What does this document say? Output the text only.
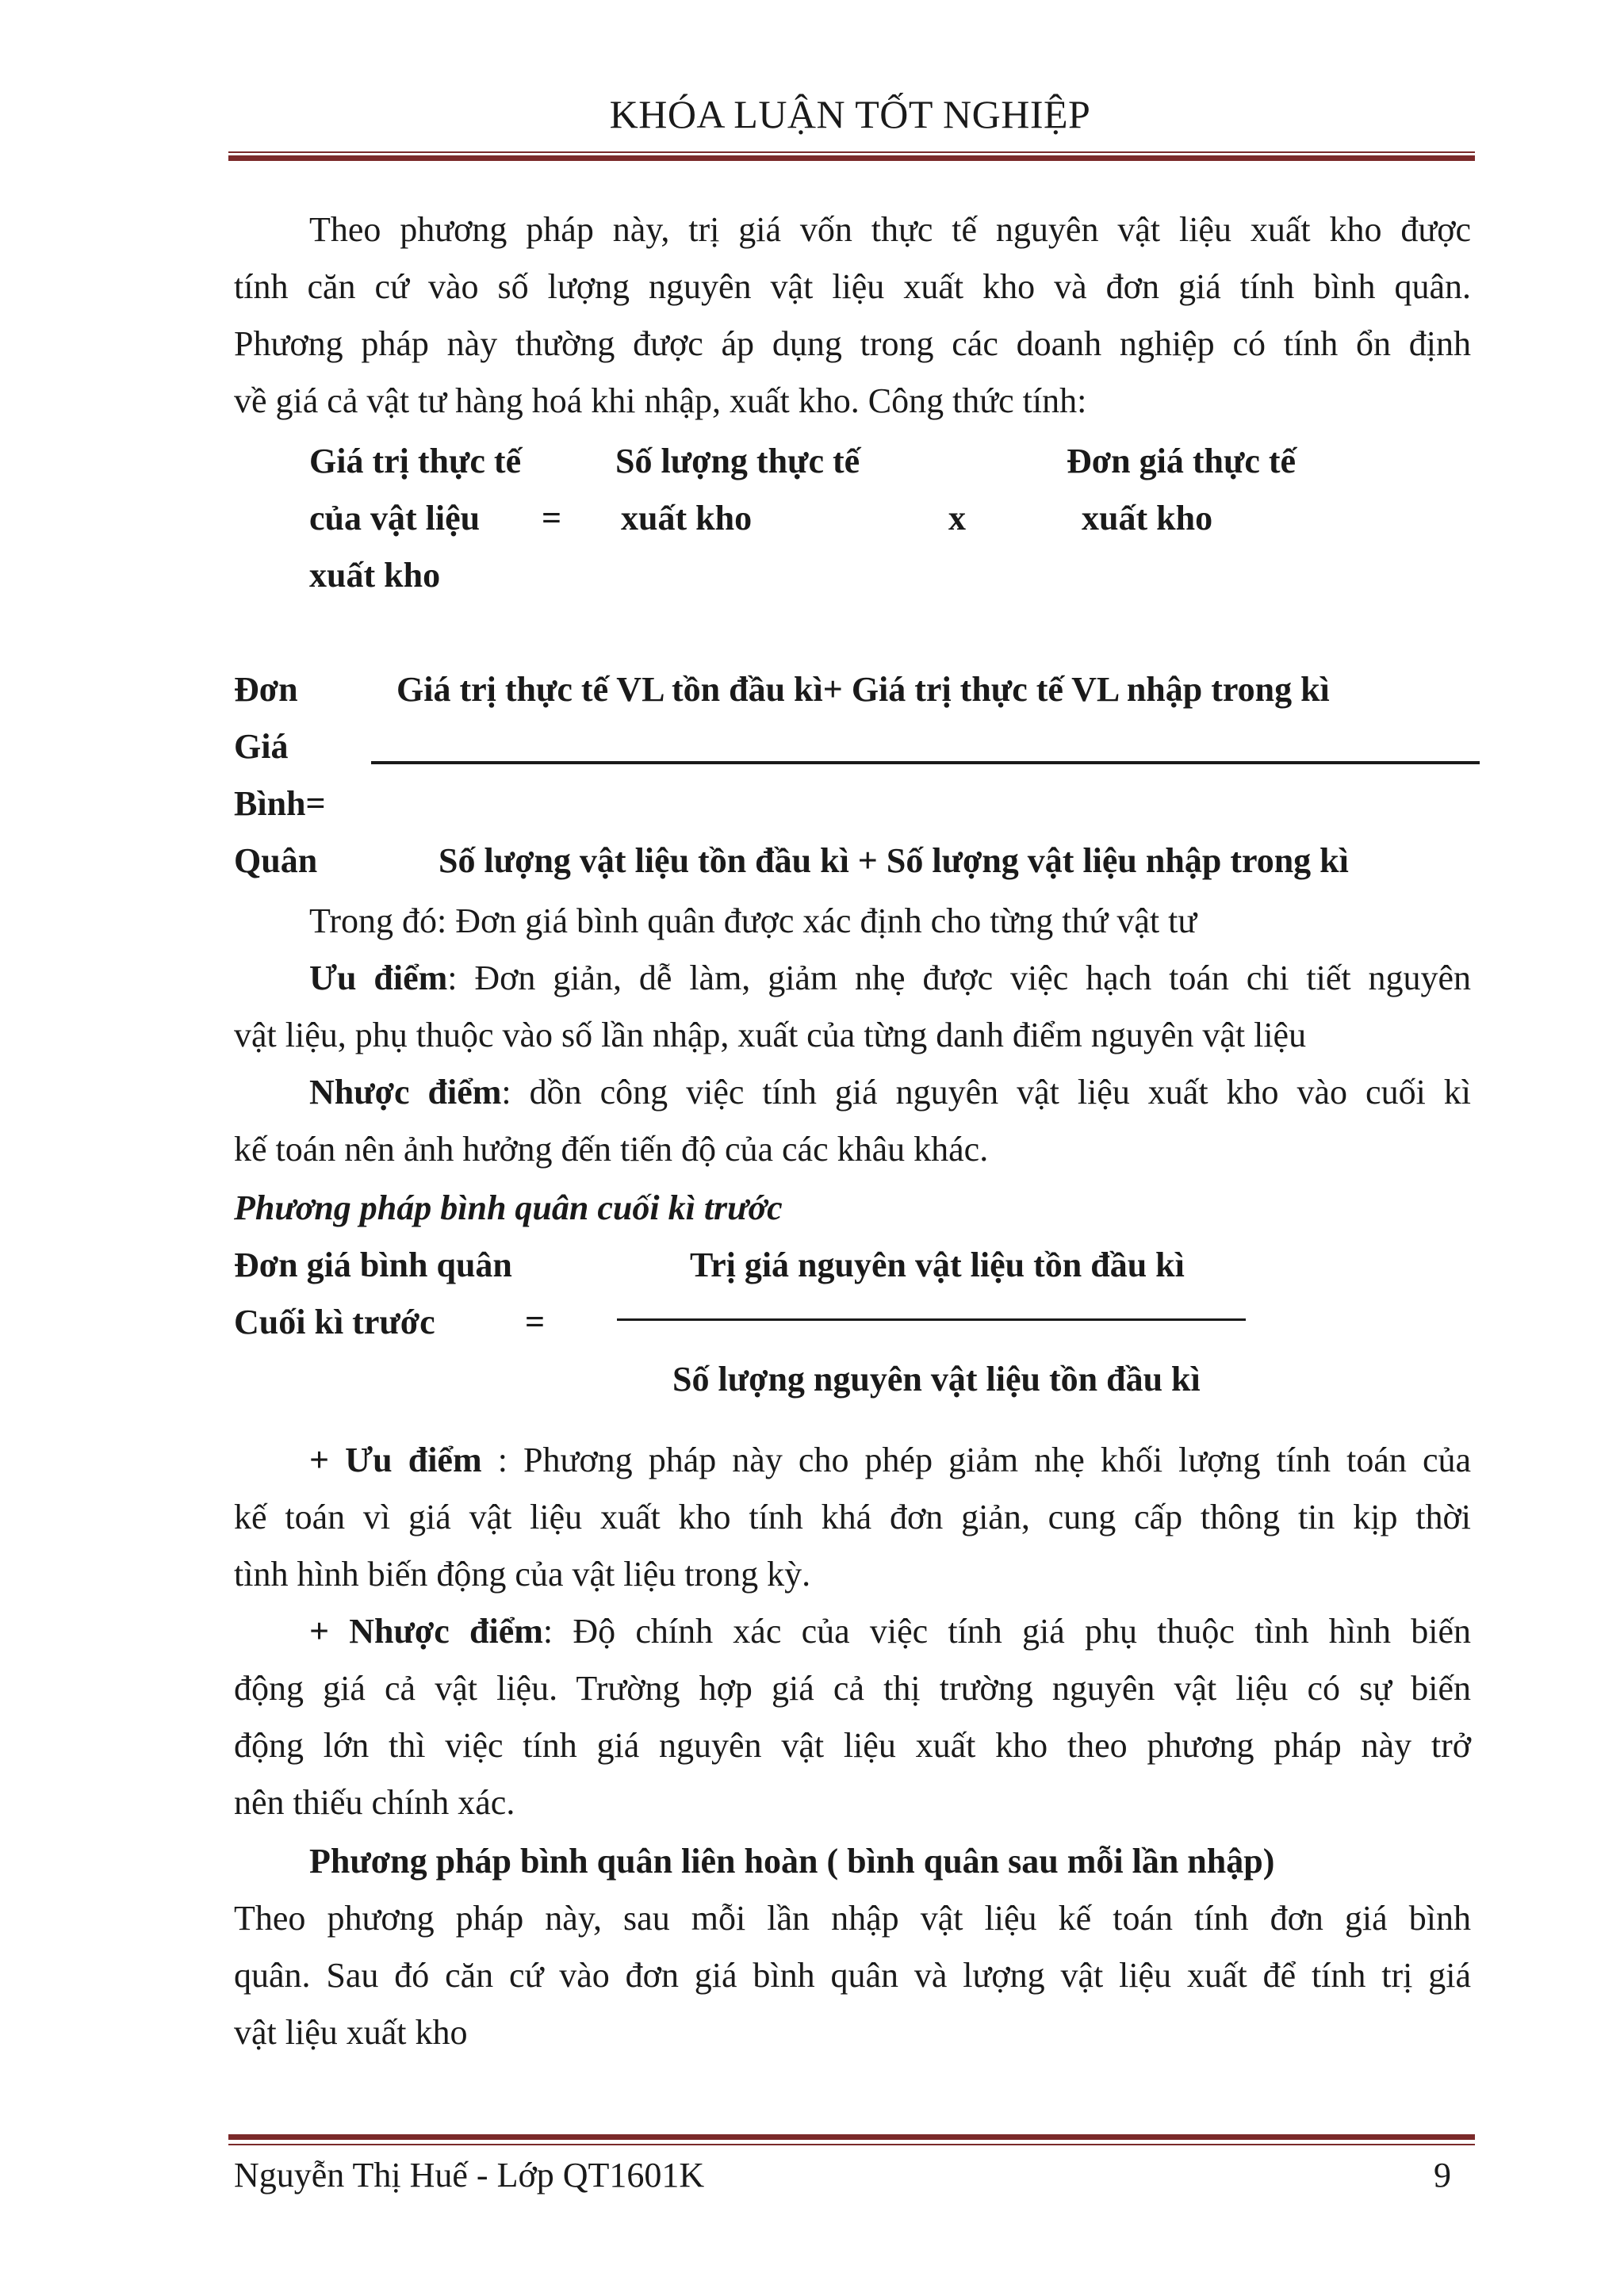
KHÓA LUẬN TỐT NGHIỆP
Theo phương pháp này, trị giá vốn thực tế nguyên vật liệu xuất kho được
tính căn cứ vào số lượng nguyên vật liệu xuất kho và đơn giá tính bình quân.
Phương pháp này thường được áp dụng trong các doanh nghiệp có tính ổn định
về giá cả vật tư hàng hoá khi nhập, xuất kho. Công thức tính:
Giá trị thực tế
của vật liệu
xuất kho
=
Số lượng thực tế
xuất kho	x
Đơn giá thực tế
xuất kho
Đơn
Giá
Bình=
Quân
Giá trị thực tế VL tồn đầu kì+ Giá trị thực tế VL nhập trong kì
Số lượng vật liệu tồn đầu kì + Số lượng vật liệu nhập trong kì
Trong đó: Đơn giá bình quân được xác định cho từng thứ vật tư
Ưu điểm: Đơn giản, dễ làm, giảm nhẹ được việc hạch toán chi tiết nguyên
vật liệu, phụ thuộc vào số lần nhập, xuất của từng danh điểm nguyên vật liệu
Nhược điểm: dồn công việc tính giá nguyên vật liệu xuất kho vào cuối kì
kế toán nên ảnh hưởng đến tiến độ của các khâu khác.
Phương pháp bình quân cuối kì trước
Đơn giá bình quân
Cuối kì trước	=
Trị giá nguyên vật liệu tồn đầu kì
Số lượng nguyên vật liệu tồn đầu kì
+ Ưu điểm : Phương pháp này cho phép giảm nhẹ khối lượng tính toán của
kế toán vì giá vật liệu xuất kho tính khá đơn giản, cung cấp thông tin kịp thời
tình hình biến động của vật liệu trong kỳ.
+ Nhược điểm: Độ chính xác của việc tính giá phụ thuộc tình hình biến
động giá cả vật liệu. Trường hợp giá cả thị trường nguyên vật liệu có sự biến
động lớn thì việc tính giá nguyên vật liệu xuất kho theo phương pháp này trở
nên thiếu chính xác.
Phương pháp bình quân liên hoàn ( bình quân sau mỗi lần nhập)
Theo phương pháp này, sau mỗi lần nhập vật liệu kế toán tính đơn giá bình
quân. Sau đó căn cứ vào đơn giá bình quân và lượng vật liệu xuất để tính trị giá
vật liệu xuất kho
Nguyễn Thị Huế - Lớp QT1601K	9
